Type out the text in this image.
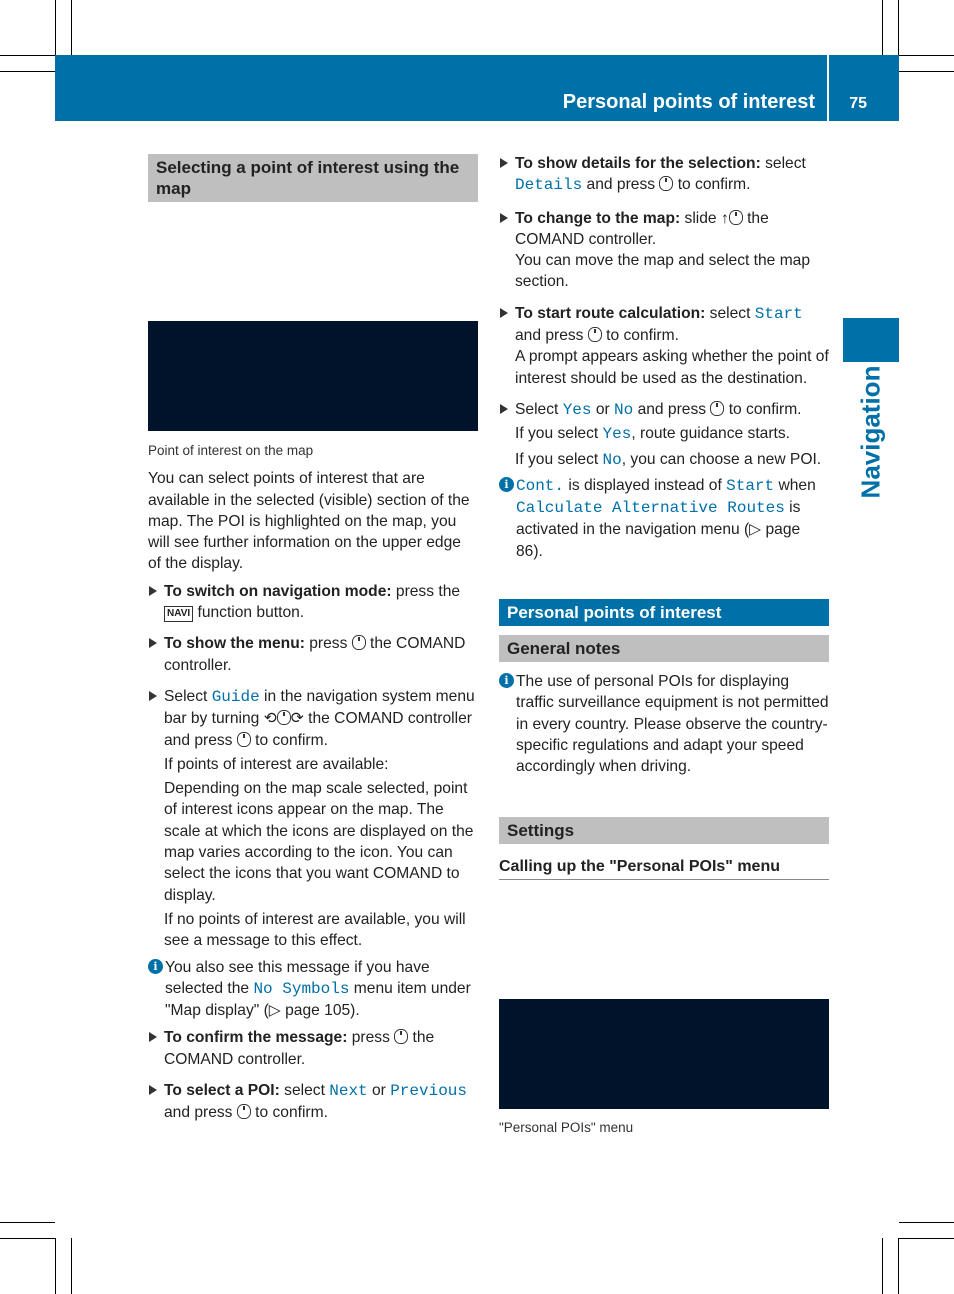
Personal points of interest 75
Navigation
Selecting a point of interest using the map

Point of interest on the map

You can select points of interest that are available in the selected (visible) section of the map. The POI is highlighted on the map, you will see further information on the upper edge of the display.

To switch on navigation mode: press the NAVI function button.
To show the menu: press  the COMAND controller.
Select Guide in the navigation system menu bar by turning ⟲ ⟳ the COMAND controller and press  to confirm.

If points of interest are available:

Depending on the map scale selected, point of interest icons appear on the map. The scale at which the icons are displayed on the map varies according to the icon. You can select the icons that you want COMAND to display.

If no points of interest are available, you will see a message to this effect.

i You also see this message if you have selected the No Symbols menu item under "Map display" (▷ page 105).
To confirm the message: press  the COMAND controller.
To select a POI: select Next or Previous and press  to confirm.
To show details for the selection: select Details and press  to confirm.
To change to the map: slide ↑ the COMAND controller.

You can move the map and select the map section.

To start route calculation: select Start and press  to confirm.

A prompt appears asking whether the point of interest should be used as the destination.

Select Yes or No and press  to confirm.

If you select Yes, route guidance starts.

If you select No, you can choose a new POI.

i Cont. is displayed instead of Start when Calculate Alternative Routes is activated in the navigation menu (▷ page 86).
Personal points of interest
General notes
i The use of personal POIs for displaying traffic surveillance equipment is not permitted in every country. Please observe the country-specific regulations and adapt your speed accordingly when driving.
Settings
Calling up the "Personal POIs" menu

"Personal POIs" menu
